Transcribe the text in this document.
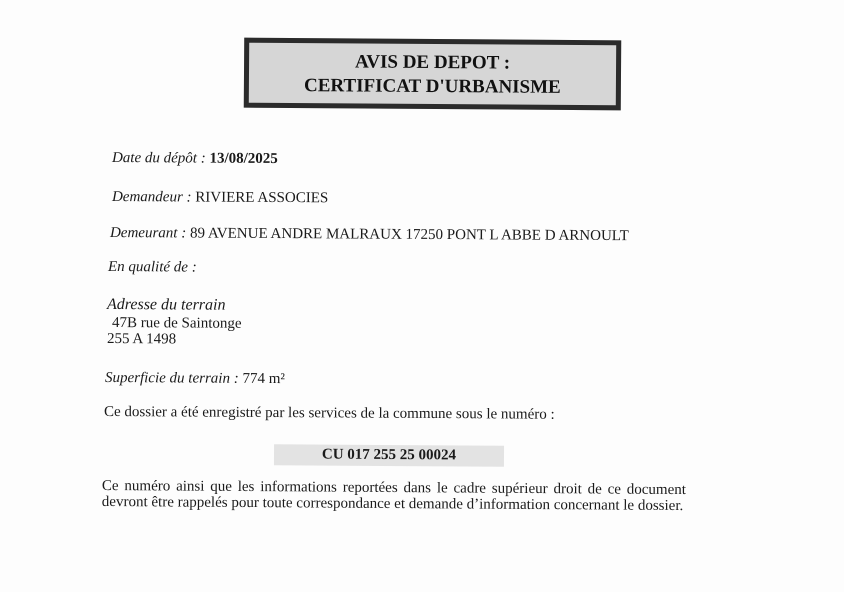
AVIS DE DEPOT :
CERTIFICAT D'URBANISME
Date du dépôt : 13/08/2025
Demandeur : RIVIERE ASSOCIES
Demeurant : 89 AVENUE ANDRE MALRAUX 17250 PONT L ABBE D ARNOULT
En qualité de :
Adresse du terrain
47B rue de Saintonge
255 A 1498
Superficie du terrain : 774 m²
Ce dossier a été enregistré par les services de la commune sous le numéro :
CU 017 255 25 00024
Ce numéro ainsi que les informations reportées dans le cadre supérieur droit de ce document devront être rappelés pour toute correspondance et demande d’information concernant le dossier.
